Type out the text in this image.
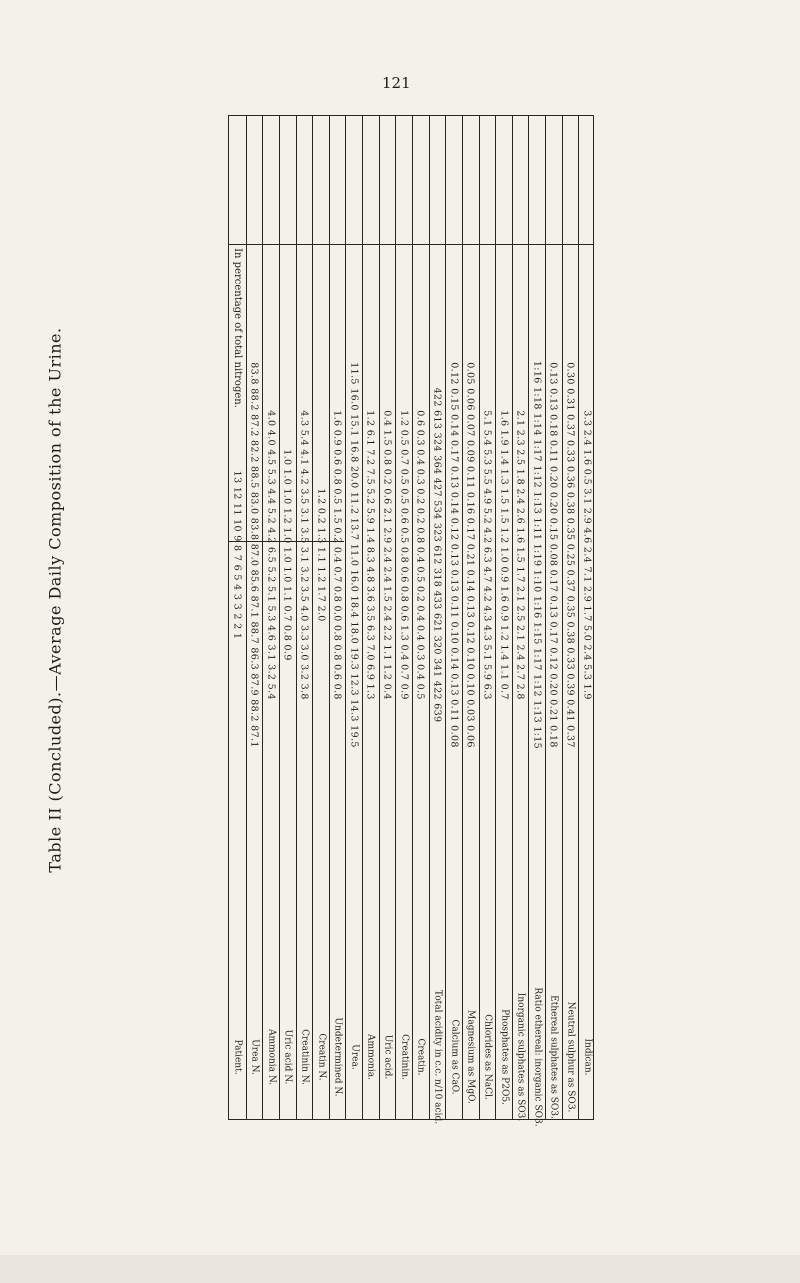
121
Table II (Concluded).—Average Daily Composition of the Urine.	In percentage of total nitrogen.
Patient.
13 12 11 10 9 8 7 6 5 4 3 3 2 2 1
Urea N.
83.8 88.2 87.2 82.2 88.5 83.0 83.8 87.0 85.6 87.1 88.7 86.3 87.9 88.2 87.1
Ammonia N.
4.0 4.0 4.5 5.3 4.4 5.2 4.2 6.5 5.2 5.1 5.3 4.6 3.1 3.2 5.4
Uric acid N.
1.0 1.0 1.0 1.2 1.0 1.0 1.0 1.1 0.7 0.8 0.9
Creatinin N.
4.3 5.4 4.1 4.2 3.5 3.1 3.5 3.1 3.2 3.5 4.0 3.3 3.0 3.2 3.8
Creatin N.
1.2 0.2 1.3 1.1 1.2 1.7 2.0
Undetermined N.
1.6 0.9 0.6 0.8 0.5 1.5 0.2 0.4 0.7 0.8 0.0 0.8 0.8 0.6 0.8
Urea.
11.5 16.0 15.1 16.8 20.0 11.2 13.7 11.0 16.0 18.4 18.0 19.3 12.3 14.3 19.5
Ammonia.
1.2 6.1 7.2 7.5 5.2 5.9 1.4 8.3 4.8 3.6 3.5 6.3 7.0 6.9 1.3
Uric acid.
0.4 1.5 0.8 0.2 0.6 2.1 2.9 2.4 2.4 1.5 2.4 2.2 1.1 1.2 0.4
Creatinin.
1.2 0.5 0.7 0.5 0.5 0.6 0.5 0.8 0.6 0.8 0.6 1.3 0.4 0.7 0.9
Creatin.
0.6 0.3 0.4 0.3 0.2 0.2 0.8 0.4 0.5 0.2 0.4 0.4 0.3 0.4 0.5
Total acidity in c.c. n/10 acid.
422 613 324 364 427 534 323 612 318 433 621 320 341 422 639
Calcium as CaO.
0.12 0.15 0.14 0.17 0.13 0.14 0.12 0.13 0.13 0.11 0.10 0.14 0.13 0.11 0.08
Magnesium as MgO.
0.05 0.06 0.07 0.09 0.11 0.16 0.17 0.21 0.14 0.13 0.12 0.10 0.10 0.03 0.06
Chlorides as NaCl.
5.1 5.4 5.3 5.5 4.9 5.2 4.2 6.3 4.7 4.2 4.3 4.3 5.1 5.9 6.3
Phosphates as P2O5.
1.6 1.9 1.4 1.3 1.5 1.5 1.2 1.0 0.9 1.6 0.9 1.2 1.4 1.1 0.7
Inorganic sulphates as SO3.
2.1 2.3 2.5 1.8 2.4 2.6 1.6 1.5 1.7 2.1 2.5 2.1 2.4 2.7 2.8
Ratio ethereal: inorganic SO3.
1:16 1:18 1:14 1:17 1:12 1:13 1:11 1:19 1:10 1:16 1:15 1:17 1:12 1:13 1:15
Ethereal sulphates as SO3.
0.13 0.13 0.18 0.11 0.20 0.20 0.15 0.08 0.17 0.13 0.17 0.12 0.20 0.21 0.18
Neutral sulphur as SO3.
0.30 0.31 0.37 0.33 0.36 0.38 0.35 0.25 0.37 0.35 0.38 0.33 0.39 0.41 0.37
Indican.
3.3 2.4 1.6 0.5 3.1 2.9 4.6 2.4 7.1 2.9 1.7 5.0 2.4 5.3 1.9
